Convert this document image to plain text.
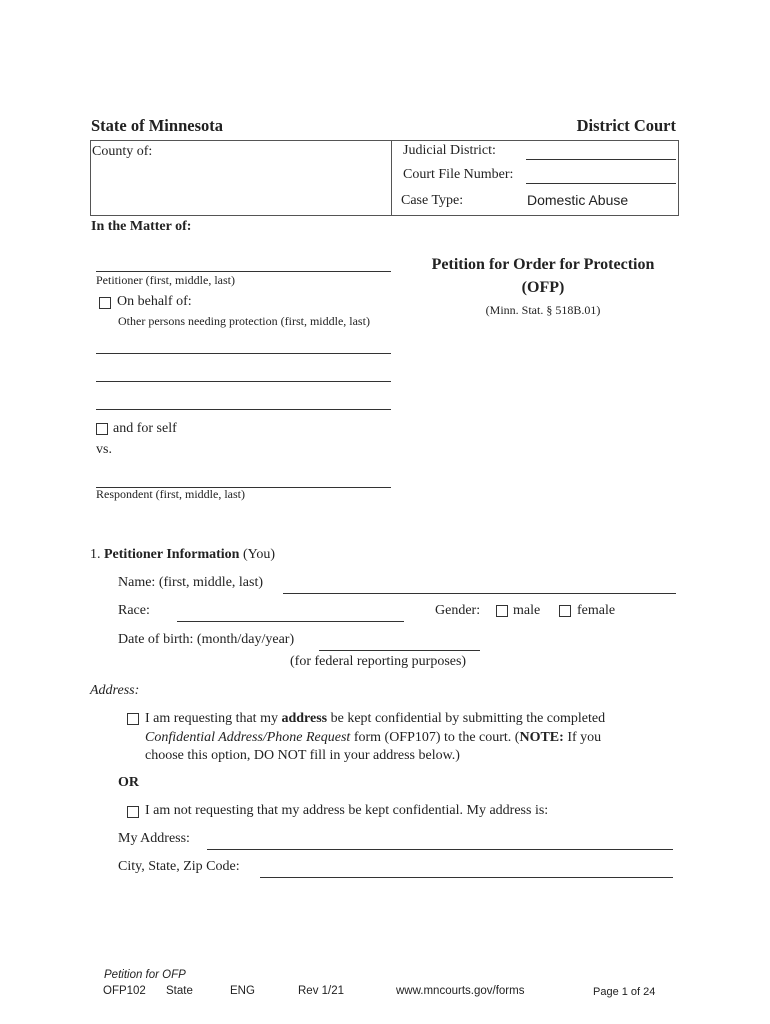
State of Minnesota	District Court
County of:	Judicial District:
Court File Number:
Case Type:	Domestic Abuse
In the Matter of:
Petitioner (first, middle, last)
On behalf of:
Other persons needing protection (first, middle, last)
and for self
vs.
Respondent (first, middle, last)
Petition for Order for Protection
(OFP)
(Minn. Stat. § 518B.01)
1. Petitioner Information (You)
Name: (first, middle, last)
Race:	Gender: male	female
Date of birth: (month/day/year)
(for federal reporting purposes)
Address:
I am requesting that my address be kept confidential by submitting the completed
Confidential Address/Phone Request form (OFP107) to the court. (NOTE: If you
choose this option, DO NOT fill in your address below.)
OR
I am not requesting that my address be kept confidential. My address is:
My Address:
City, State, Zip Code:
Petition for OFP
OFP102 State	ENG	Rev 1/21	www.mncourts.gov/forms	Page 1 of 24
